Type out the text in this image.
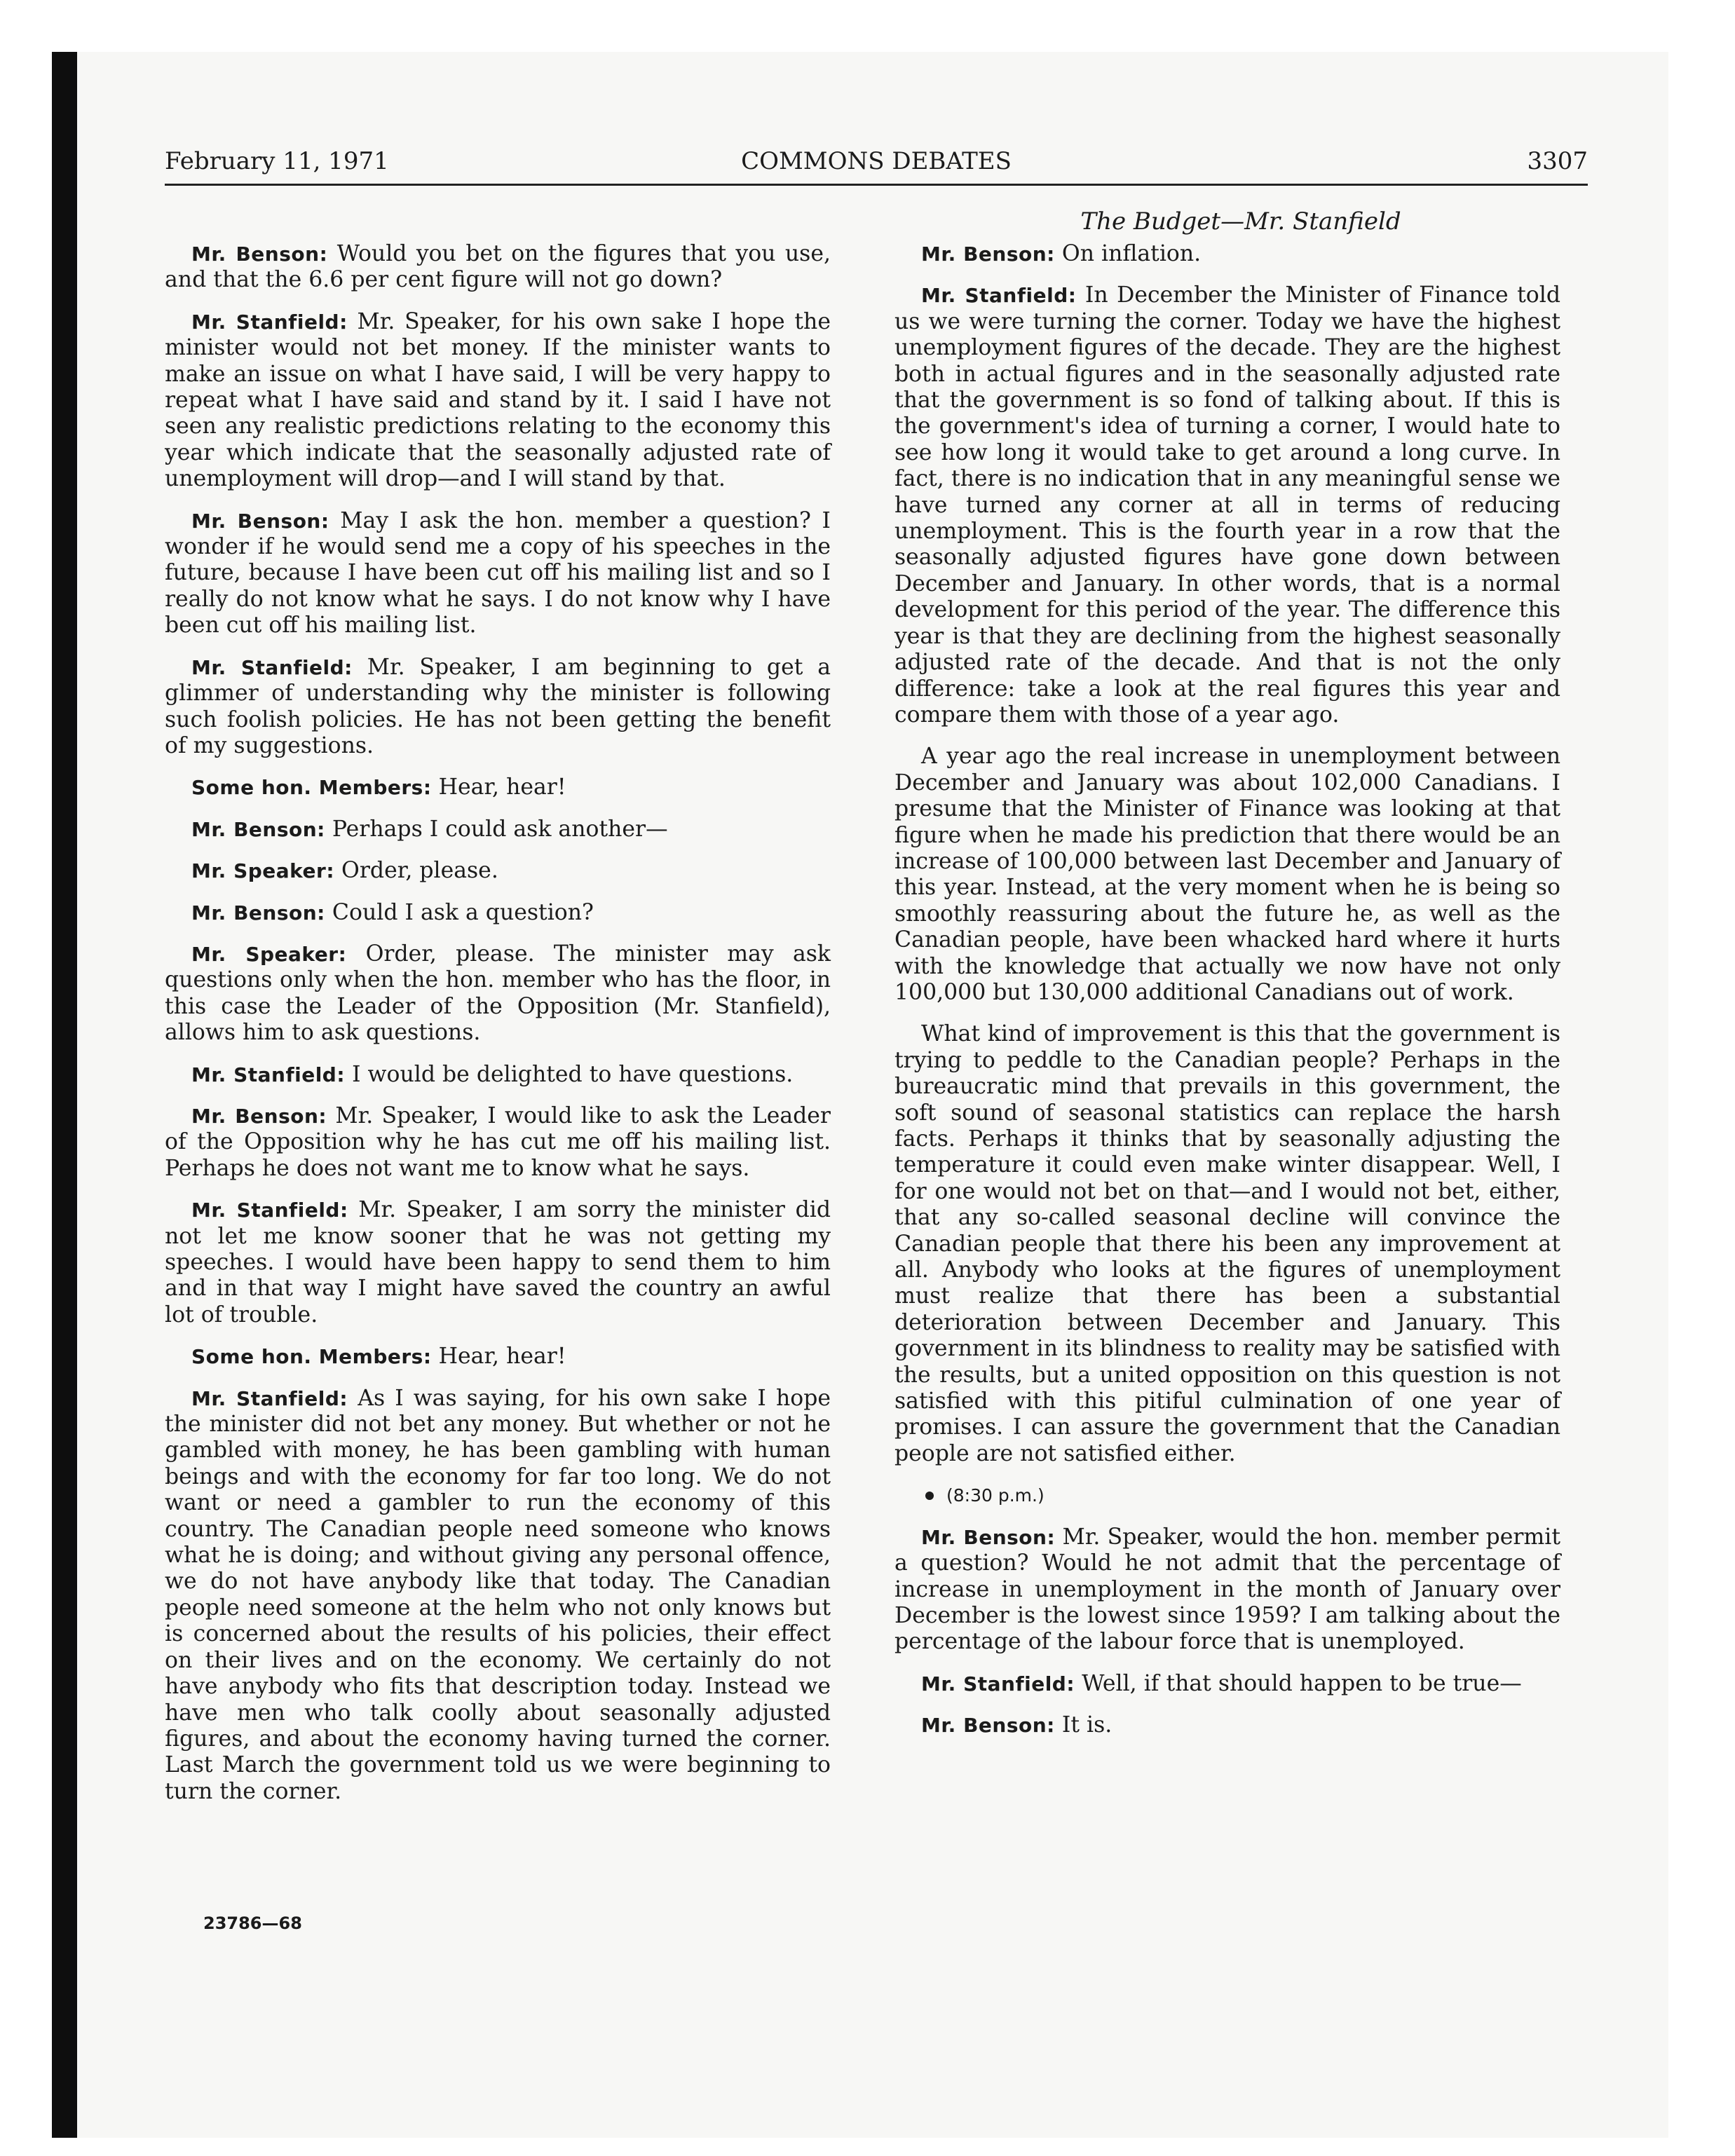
COMMONS DEBATES
February 11, 1971	3307
The Budget—Mr. Stanfield

Mr. Benson: Would you bet on the figures that you use, and that the 6.6 per cent figure will not go down?

Mr. Stanfield: Mr. Speaker, for his own sake I hope the minister would not bet money. If the minister wants to make an issue on what I have said, I will be very happy to repeat what I have said and stand by it. I said I have not seen any realistic predictions relating to the economy this year which indicate that the seasonally adjusted rate of unemployment will drop—and I will stand by that.

Mr. Benson: May I ask the hon. member a question? I wonder if he would send me a copy of his speeches in the future, because I have been cut off his mailing list and so I really do not know what he says. I do not know why I have been cut off his mailing list.

Mr. Stanfield: Mr. Speaker, I am beginning to get a glimmer of understanding why the minister is following such foolish policies. He has not been getting the benefit of my suggestions.

Some hon. Members: Hear, hear!

Mr. Benson: Perhaps I could ask another—

Mr. Speaker: Order, please.

Mr. Benson: Could I ask a question?

Mr. Speaker: Order, please. The minister may ask questions only when the hon. member who has the floor, in this case the Leader of the Opposition (Mr. Stanfield), allows him to ask questions.

Mr. Stanfield: I would be delighted to have questions.

Mr. Benson: Mr. Speaker, I would like to ask the Leader of the Opposition why he has cut me off his mailing list. Perhaps he does not want me to know what he says.

Mr. Stanfield: Mr. Speaker, I am sorry the minister did not let me know sooner that he was not getting my speeches. I would have been happy to send them to him and in that way I might have saved the country an awful lot of trouble.

Some hon. Members: Hear, hear!

Mr. Stanfield: As I was saying, for his own sake I hope the minister did not bet any money. But whether or not he gambled with money, he has been gambling with human beings and with the economy for far too long. We do not want or need a gambler to run the economy of this country. The Canadian people need someone who knows what he is doing; and without giving any personal offence, we do not have anybody like that today. The Canadian people need someone at the helm who not only knows but is concerned about the results of his policies, their effect on their lives and on the economy. We certainly do not have anybody who fits that description today. Instead we have men who talk coolly about seasonally adjusted figures, and about the economy having turned the corner. Last March the government told us we were beginning to turn the corner.

23786—68

Mr. Benson: On inflation.

Mr. Stanfield: In December the Minister of Finance told us we were turning the corner. Today we have the highest unemployment figures of the decade. They are the highest both in actual figures and in the seasonally adjusted rate that the government is so fond of talking about. If this is the government's idea of turning a corner, I would hate to see how long it would take to get around a long curve. In fact, there is no indication that in any meaningful sense we have turned any corner at all in terms of reducing unemployment. This is the fourth year in a row that the seasonally adjusted figures have gone down between December and January. In other words, that is a normal development for this period of the year. The difference this year is that they are declining from the highest seasonally adjusted rate of the decade. And that is not the only difference: take a look at the real figures this year and compare them with those of a year ago.

A year ago the real increase in unemployment between December and January was about 102,000 Canadians. I presume that the Minister of Finance was looking at that figure when he made his prediction that there would be an increase of 100,000 between last December and January of this year. Instead, at the very moment when he is being so smoothly reassuring about the future he, as well as the Canadian people, have been whacked hard where it hurts with the knowledge that actually we now have not only 100,000 but 130,000 additional Canadians out of work.

What kind of improvement is this that the government is trying to peddle to the Canadian people? Perhaps in the bureaucratic mind that prevails in this government, the soft sound of seasonal statistics can replace the harsh facts. Perhaps it thinks that by seasonally adjusting the temperature it could even make winter disappear. Well, I for one would not bet on that—and I would not bet, either, that any so-called seasonal decline will convince the Canadian people that there his been any improvement at all. Anybody who looks at the figures of unemployment must realize that there has been a substantial deterioration between December and January. This government in its blindness to reality may be satisfied with the results, but a united opposition on this question is not satisfied with this pitiful culmination of one year of promises. I can assure the government that the Canadian people are not satisfied either.

(8:30 p.m.)

Mr. Benson: Mr. Speaker, would the hon. member permit a question? Would he not admit that the percentage of increase in unemployment in the month of January over December is the lowest since 1959? I am talking about the percentage of the labour force that is unemployed.

Mr. Stanfield: Well, if that should happen to be true—

Mr. Benson: It is.
